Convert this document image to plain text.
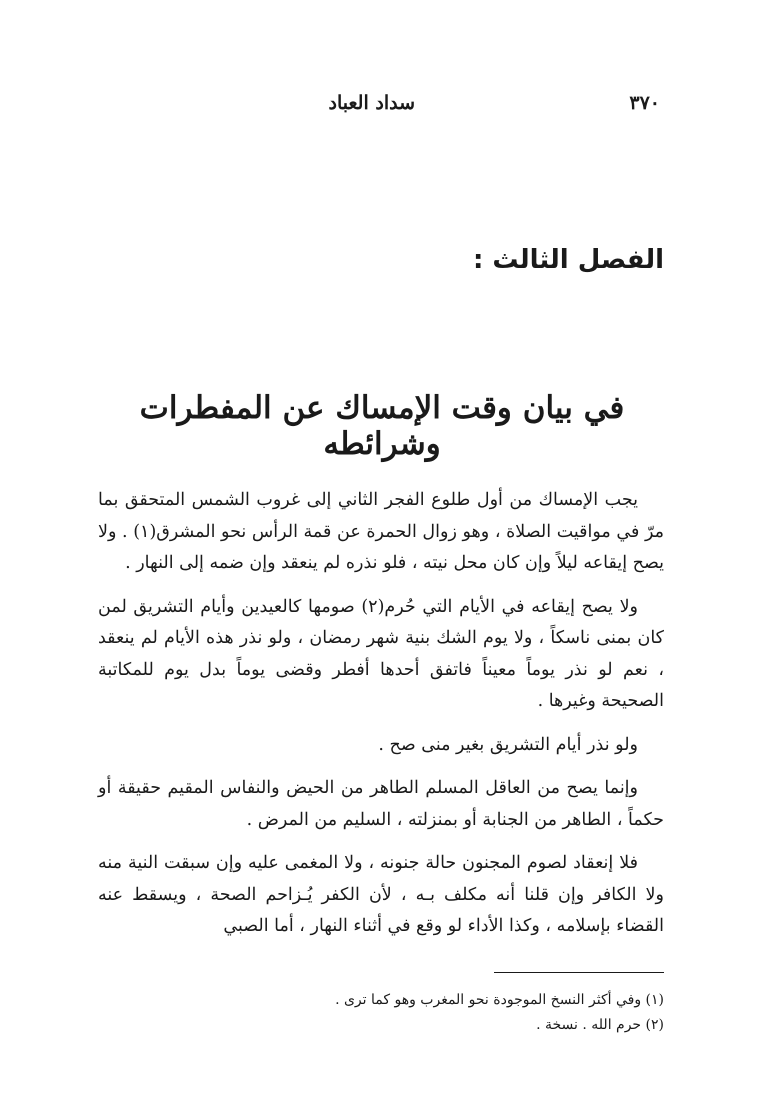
٣٧٠
سداد العباد
الفصل الثالث :
في بيان وقت الإمساك عن المفطرات وشرائطه

يجب الإمساك من أول طلوع الفجر الثاني إلى غروب الشمس المتحقق بما مرّ في مواقيت الصلاة ، وهو زوال الحمرة عن قمة الرأس نحو المشرق(١) . ولا يصح إيقاعه ليلاً وإن كان محل نيته ، فلو نذره لم ينعقد وإن ضمه إلى النهار .

ولا يصح إيقاعه في الأيام التي حُرم(٢) صومها كالعيدين وأيام التشريق لمن كان بمنى ناسكاً ، ولا يوم الشك بنية شهر رمضان ، ولو نذر هذه الأيام لم ينعقد ، نعم لو نذر يوماً معيناً فاتفق أحدها أفطر وقضى يوماً بدل يوم للمكاتبة الصحيحة وغيرها .

ولو نذر أيام التشريق بغير منى صح .

وإنما يصح من العاقل المسلم الطاهر من الحيض والنفاس المقيم حقيقة أو حكماً ، الطاهر من الجنابة أو بمنزلته ، السليم من المرض .

فلا إنعقاد لصوم المجنون حالة جنونه ، ولا المغمى عليه وإن سبقت النية منه ولا الكافر وإن قلنا أنه مكلف بـه ، لأن الكفر يُـزاحم الصحة ، ويسقط عنه القضاء بإسلامه ، وكذا الأداء لو وقع في أثناء النهار ، أما الصبي

(١) وفي أكثر النسخ الموجودة نحو المغرب وهو كما ترى .

(٢) حرم الله . نسخة .
